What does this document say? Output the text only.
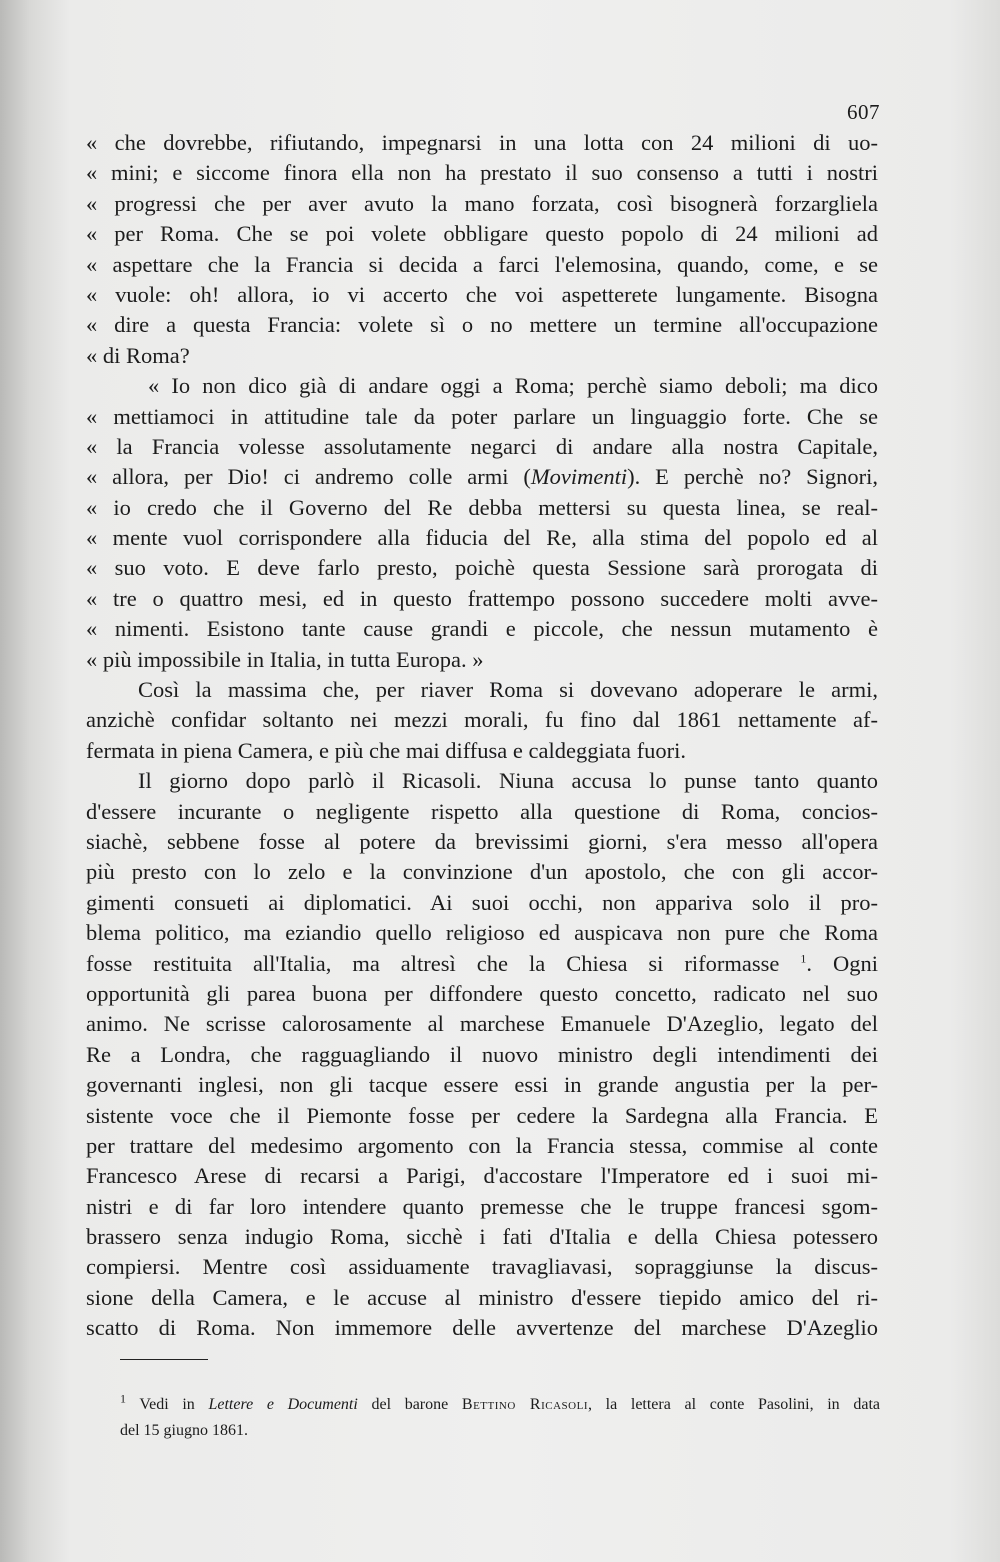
607
« che dovrebbe, rifiutando, impegnarsi in una lotta con 24 milioni di uo-
« mini; e siccome finora ella non ha prestato il suo consenso a tutti i nostri
« progressi che per aver avuto la mano forzata, così bisognerà forzargliela
« per Roma. Che se poi volete obbligare questo popolo di 24 milioni ad
« aspettare che la Francia si decida a farci l'elemosina, quando, come, e se
« vuole: oh! allora, io vi accerto che voi aspetterete lungamente. Bisogna
« dire a questa Francia: volete sì o no mettere un termine all'occupazione
« di Roma?
« Io non dico già di andare oggi a Roma; perchè siamo deboli; ma dico
« mettiamoci in attitudine tale da poter parlare un linguaggio forte. Che se
« la Francia volesse assolutamente negarci di andare alla nostra Capitale,
« allora, per Dio! ci andremo colle armi (Movimenti). E perchè no? Signori,
« io credo che il Governo del Re debba mettersi su questa linea, se real-
« mente vuol corrispondere alla fiducia del Re, alla stima del popolo ed al
« suo voto. E deve farlo presto, poichè questa Sessione sarà prorogata di
« tre o quattro mesi, ed in questo frattempo possono succedere molti avve-
« nimenti. Esistono tante cause grandi e piccole, che nessun mutamento è
« più impossibile in Italia, in tutta Europa. »
Così la massima che, per riaver Roma si dovevano adoperare le armi,
anzichè confidar soltanto nei mezzi morali, fu fino dal 1861 nettamente af-
fermata in piena Camera, e più che mai diffusa e caldeggiata fuori.
Il giorno dopo parlò il Ricasoli. Niuna accusa lo punse tanto quanto
d'essere incurante o negligente rispetto alla questione di Roma, concios-
siachè, sebbene fosse al potere da brevissimi giorni, s'era messo all'opera
più presto con lo zelo e la convinzione d'un apostolo, che con gli accor-
gimenti consueti ai diplomatici. Ai suoi occhi, non appariva solo il pro-
blema politico, ma eziandio quello religioso ed auspicava non pure che Roma
fosse restituita all'Italia, ma altresì che la Chiesa si riformasse $^1$. Ogni
opportunità gli parea buona per diffondere questo concetto, radicato nel suo
animo. Ne scrisse calorosamente al marchese Emanuele D'Azeglio, legato del
Re a Londra, che ragguagliando il nuovo ministro degli intendimenti dei
governanti inglesi, non gli tacque essere essi in grande angustia per la per-
sistente voce che il Piemonte fosse per cedere la Sardegna alla Francia. E
per trattare del medesimo argomento con la Francia stessa, commise al conte
Francesco Arese di recarsi a Parigi, d'accostare l'Imperatore ed i suoi mi-
nistri e di far loro intendere quanto premesse che le truppe francesi sgom-
brassero senza indugio Roma, sicchè i fati d'Italia e della Chiesa potessero
compiersi. Mentre così assiduamente travagliavasi, sopraggiunse la discus-
sione della Camera, e le accuse al ministro d'essere tiepido amico del ri-
scatto di Roma. Non immemore delle avvertenze del marchese D'Azeglio
$^1$ Vedi in Lettere e Documenti del barone Bettino Ricasoli, la lettera al conte Pasolini, in data
del 15 giugno 1861.
